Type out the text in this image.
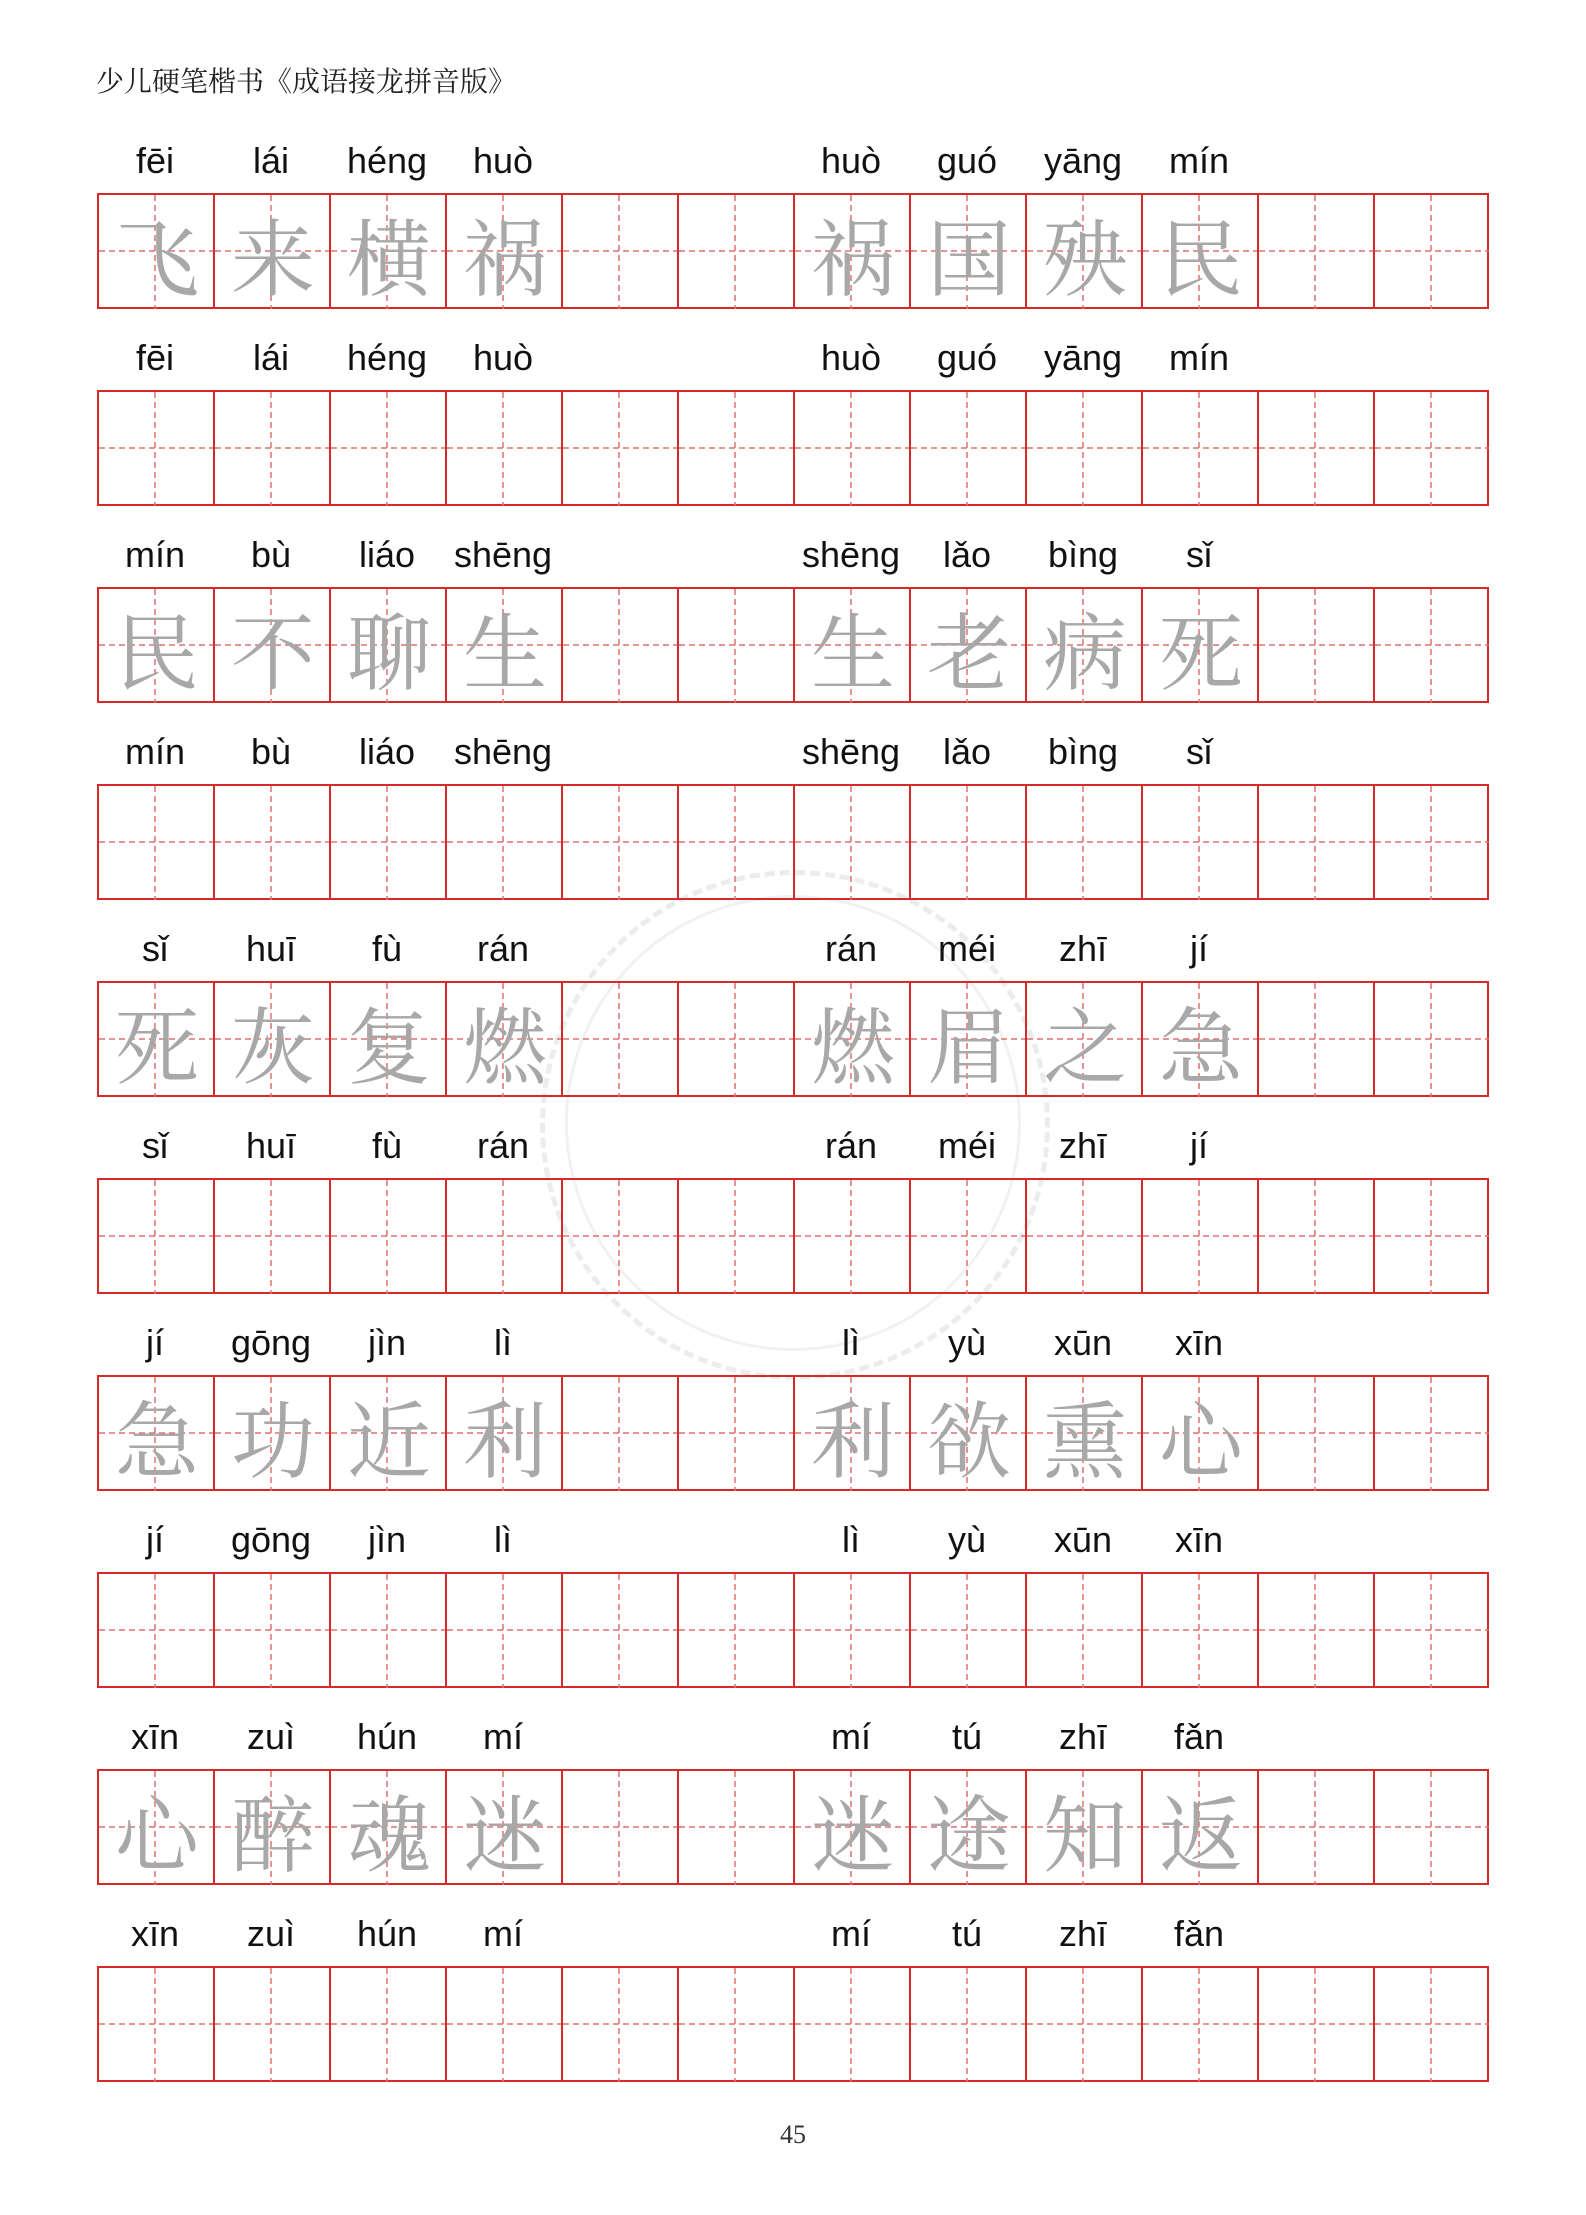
少儿硬笔楷书《成语接龙拼音版》
fēi	lái	héng	huò	huò	guó	yāng	mín
飞 来 横 祸	祸 国 殃 民
fēi	lái	héng	huò	huò	guó	yāng	mín
mín	bù	liáo	shēng	shēng	lǎo	bìng	sǐ
民 不 聊 生	生 老 病 死
mín	bù	liáo	shēng	shēng	lǎo	bìng	sǐ
sǐ	huī	fù	rán	rán	méi	zhī	jí
死 灰 复 燃	燃 眉 之 急
sǐ	huī	fù	rán	rán	méi	zhī	jí
jí	gōng	jìn	lì	lì	yù	xūn	xīn
急 功 近 利	利 欲 熏 心
jí	gōng	jìn	lì	lì	yù	xūn	xīn
xīn	zuì	hún	mí	mí	tú	zhī	fǎn
心 醉 魂 迷	迷 途 知 返
xīn	zuì	hún	mí	mí	tú	zhī	fǎn
45
